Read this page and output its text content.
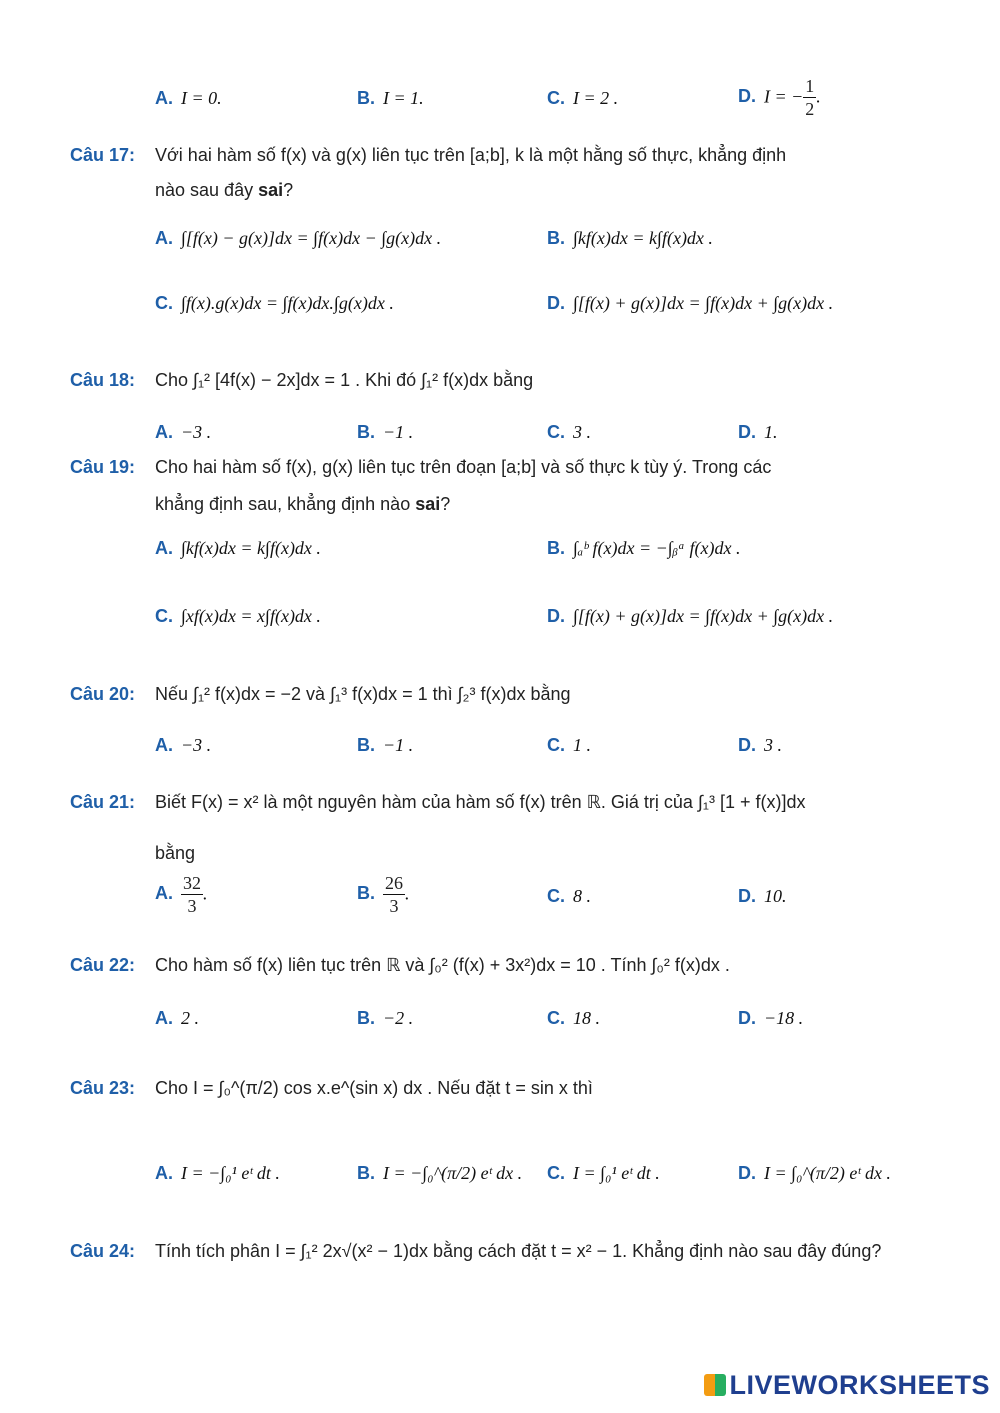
A. I = 0.	B. I = 1.	C. I = 2 .	D. I = − $\frac{1}{2}$ .
Câu 17: Với hai hàm số f(x) và g(x) liên tục trên [a;b], k là một hằng số thực, khẳng định
nào sau đây sai?
A. ∫[f(x) − g(x)]dx = ∫f(x)dx − ∫g(x)dx .	B. ∫kf(x)dx = k∫f(x)dx .
C. ∫f(x).g(x)dx = ∫f(x)dx.∫g(x)dx .	D. ∫[f(x) + g(x)]dx = ∫f(x)dx + ∫g(x)dx .
Câu 18: Cho ∫₁² [4f(x) − 2x]dx = 1 . Khi đó ∫₁² f(x)dx bằng
A. −3 .	B. −1 .	C. 3 .	D. 1.
Câu 19: Cho hai hàm số f(x), g(x) liên tục trên đoạn [a;b] và số thực k tùy ý. Trong các
khẳng định sau, khẳng định nào sai?
A. ∫kf(x)dx = k∫f(x)dx .	B. ∫ₐᵇ f(x)dx = −∫ᵦᵃ f(x)dx .
C. ∫xf(x)dx = x∫f(x)dx .	D. ∫[f(x) + g(x)]dx = ∫f(x)dx + ∫g(x)dx .
Câu 20: Nếu ∫₁² f(x)dx = −2 và ∫₁³ f(x)dx = 1 thì ∫₂³ f(x)dx bằng
A. −3 .	B. −1 .	C. 1 .	D. 3 .
Câu 21: Biết F(x) = x² là một nguyên hàm của hàm số f(x) trên ℝ. Giá trị của ∫₁³ [1 + f(x)]dx
bằng
A. $\frac{32}{3}$ .	B. $\frac{26}{3}$ .	C. 8 .	D. 10.
Câu 22: Cho hàm số f(x) liên tục trên ℝ và ∫₀² (f(x) + 3x²)dx = 10 . Tính ∫₀² f(x)dx .
A. 2 .	B. −2 .	C. 18 .	D. −18 .
Câu 23: Cho I = ∫₀^(π/2) cos x.e^(sin x) dx . Nếu đặt t = sin x thì
A. I = −∫₀¹ eᵗ dt .	B. I = −∫₀^(π/2) eᵗ dx . C. I = ∫₀¹ eᵗ dt .	D. I = ∫₀^(π/2) eᵗ dx .
Câu 24: Tính tích phân I = ∫₁² 2x√(x² − 1)dx bằng cách đặt t = x² − 1. Khẳng định nào sau đây đúng?
LIVEWORKSHEETS
